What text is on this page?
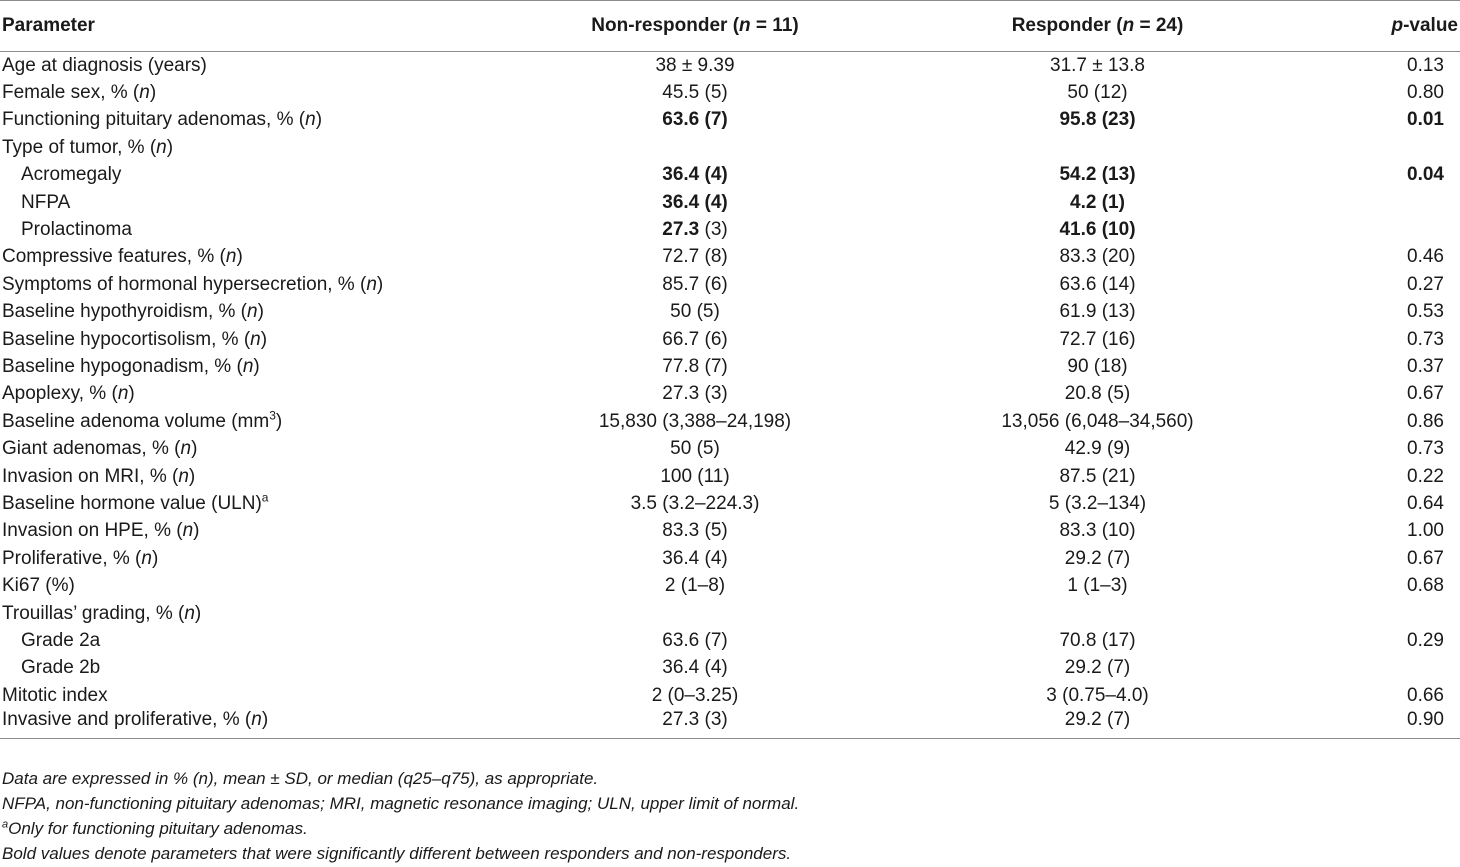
Parameter	Non-responder (n = 11)	Responder (n = 24)	p-value
Age at diagnosis (years)	38 ± 9.39	31.7 ± 13.8	0.13
Female sex, % (n)	45.5 (5)	50 (12)	0.80
Functioning pituitary adenomas, % (n)	63.6 (7)	95.8 (23)	0.01
Type of tumor, % (n)			
Acromegaly	36.4 (4)	54.2 (13)	0.04
NFPA	36.4 (4)	4.2 (1)	
Prolactinoma	27.3 (3)	41.6 (10)	
Compressive features, % (n)	72.7 (8)	83.3 (20)	0.46
Symptoms of hormonal hypersecretion, % (n)	85.7 (6)	63.6 (14)	0.27
Baseline hypothyroidism, % (n)	50 (5)	61.9 (13)	0.53
Baseline hypocortisolism, % (n)	66.7 (6)	72.7 (16)	0.73
Baseline hypogonadism, % (n)	77.8 (7)	90 (18)	0.37
Apoplexy, % (n)	27.3 (3)	20.8 (5)	0.67
Baseline adenoma volume $(mm^3)$	15,830 (3,388–24,198)	13,056 (6,048–34,560)	0.86
Giant adenomas, % (n)	50 (5)	42.9 (9)	0.73
Invasion on MRI, % (n)	100 (11)	87.5 (21)	0.22
Baseline hormone value (ULN)$^a$	3.5 (3.2–224.3)	5 (3.2–134)	0.64
Invasion on HPE, % (n)	83.3 (5)	83.3 (10)	1.00
Proliferative, % (n)	36.4 (4)	29.2 (7)	0.67
Ki67 (%)	2 (1–8)	1 (1–3)	0.68
Trouillas’ grading, % (n)			
Grade 2a	63.6 (7)	70.8 (17)	0.29
Grade 2b	36.4 (4)	29.2 (7)	
Mitotic index	2 (0–3.25)	3 (0.75–4.0)	0.66
Invasive and proliferative, % (n)	27.3 (3)	29.2 (7)	0.90
Data are expressed in % (n), mean ± SD, or median (q25–q75), as appropriate.
NFPA, non-functioning pituitary adenomas; MRI, magnetic resonance imaging; ULN, upper limit of normal.
$^a$Only for functioning pituitary adenomas.
Bold values denote parameters that were significantly different between responders and non-responders.
